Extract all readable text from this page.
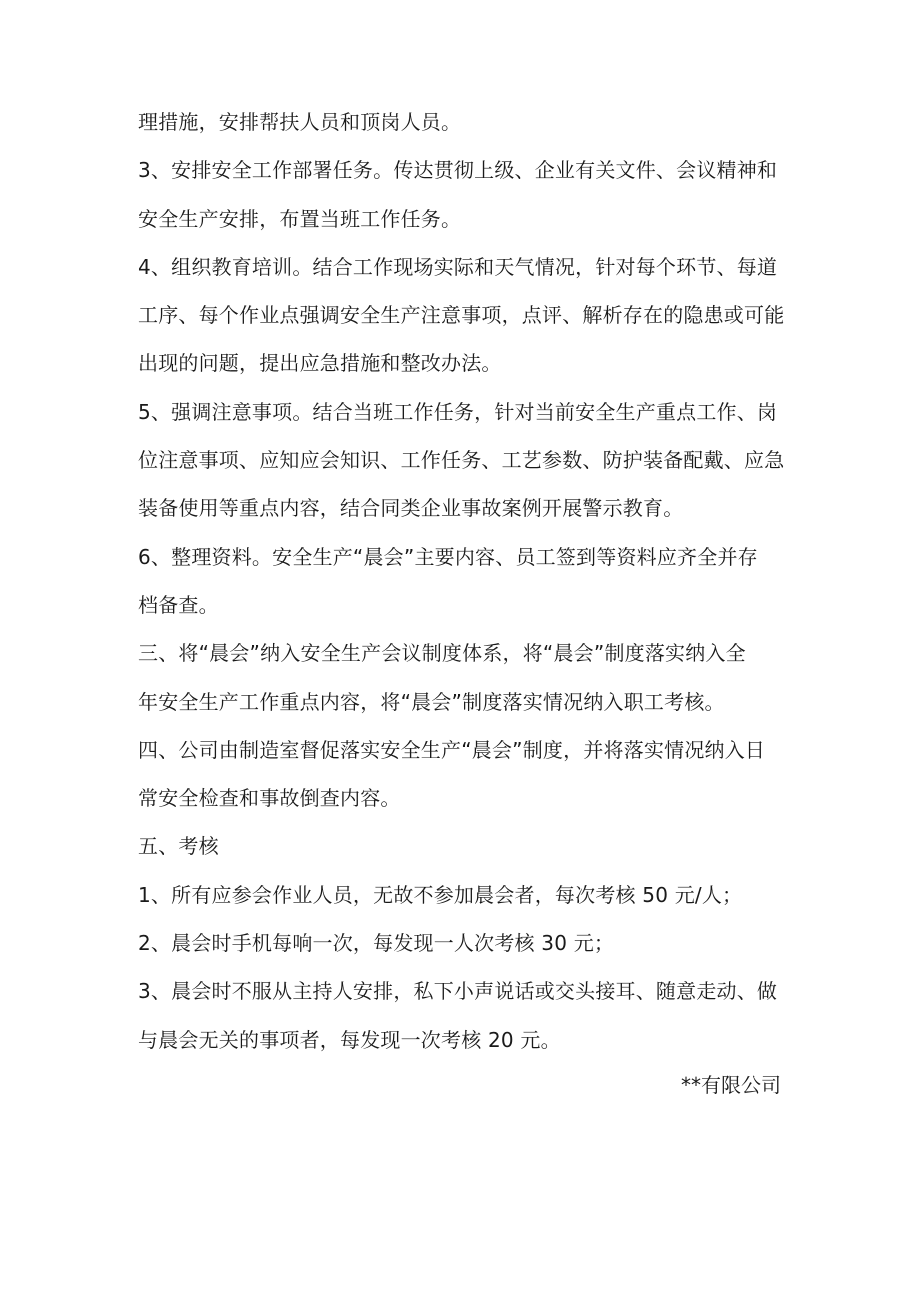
理措施，安排帮扶人员和顶岗人员。
3、安排安全工作部署任务。传达贯彻上级、企业有关文件、会议精神和
安全生产安排，布置当班工作任务。
4、组织教育培训。结合工作现场实际和天气情况，针对每个环节、每道
工序、每个作业点强调安全生产注意事项，点评、解析存在的隐患或可能
出现的问题，提出应急措施和整改办法。
5、强调注意事项。结合当班工作任务，针对当前安全生产重点工作、岗
位注意事项、应知应会知识、工作任务、工艺参数、防护装备配戴、应急
装备使用等重点内容，结合同类企业事故案例开展警示教育。
6、整理资料。安全生产“晨会”主要内容、员工签到等资料应齐全并存
档备查。
三、将“晨会”纳入安全生产会议制度体系，将“晨会”制度落实纳入全
年安全生产工作重点内容，将“晨会”制度落实情况纳入职工考核。
四、公司由制造室督促落实安全生产“晨会”制度，并将落实情况纳入日
常安全检查和事故倒查内容。
五、考核
1、所有应参会作业人员，无故不参加晨会者，每次考核 50 元/人；
2、晨会时手机每响一次，每发现一人次考核 30 元；
3、晨会时不服从主持人安排，私下小声说话或交头接耳、随意走动、做
与晨会无关的事项者，每发现一次考核 20 元。
**有限公司
